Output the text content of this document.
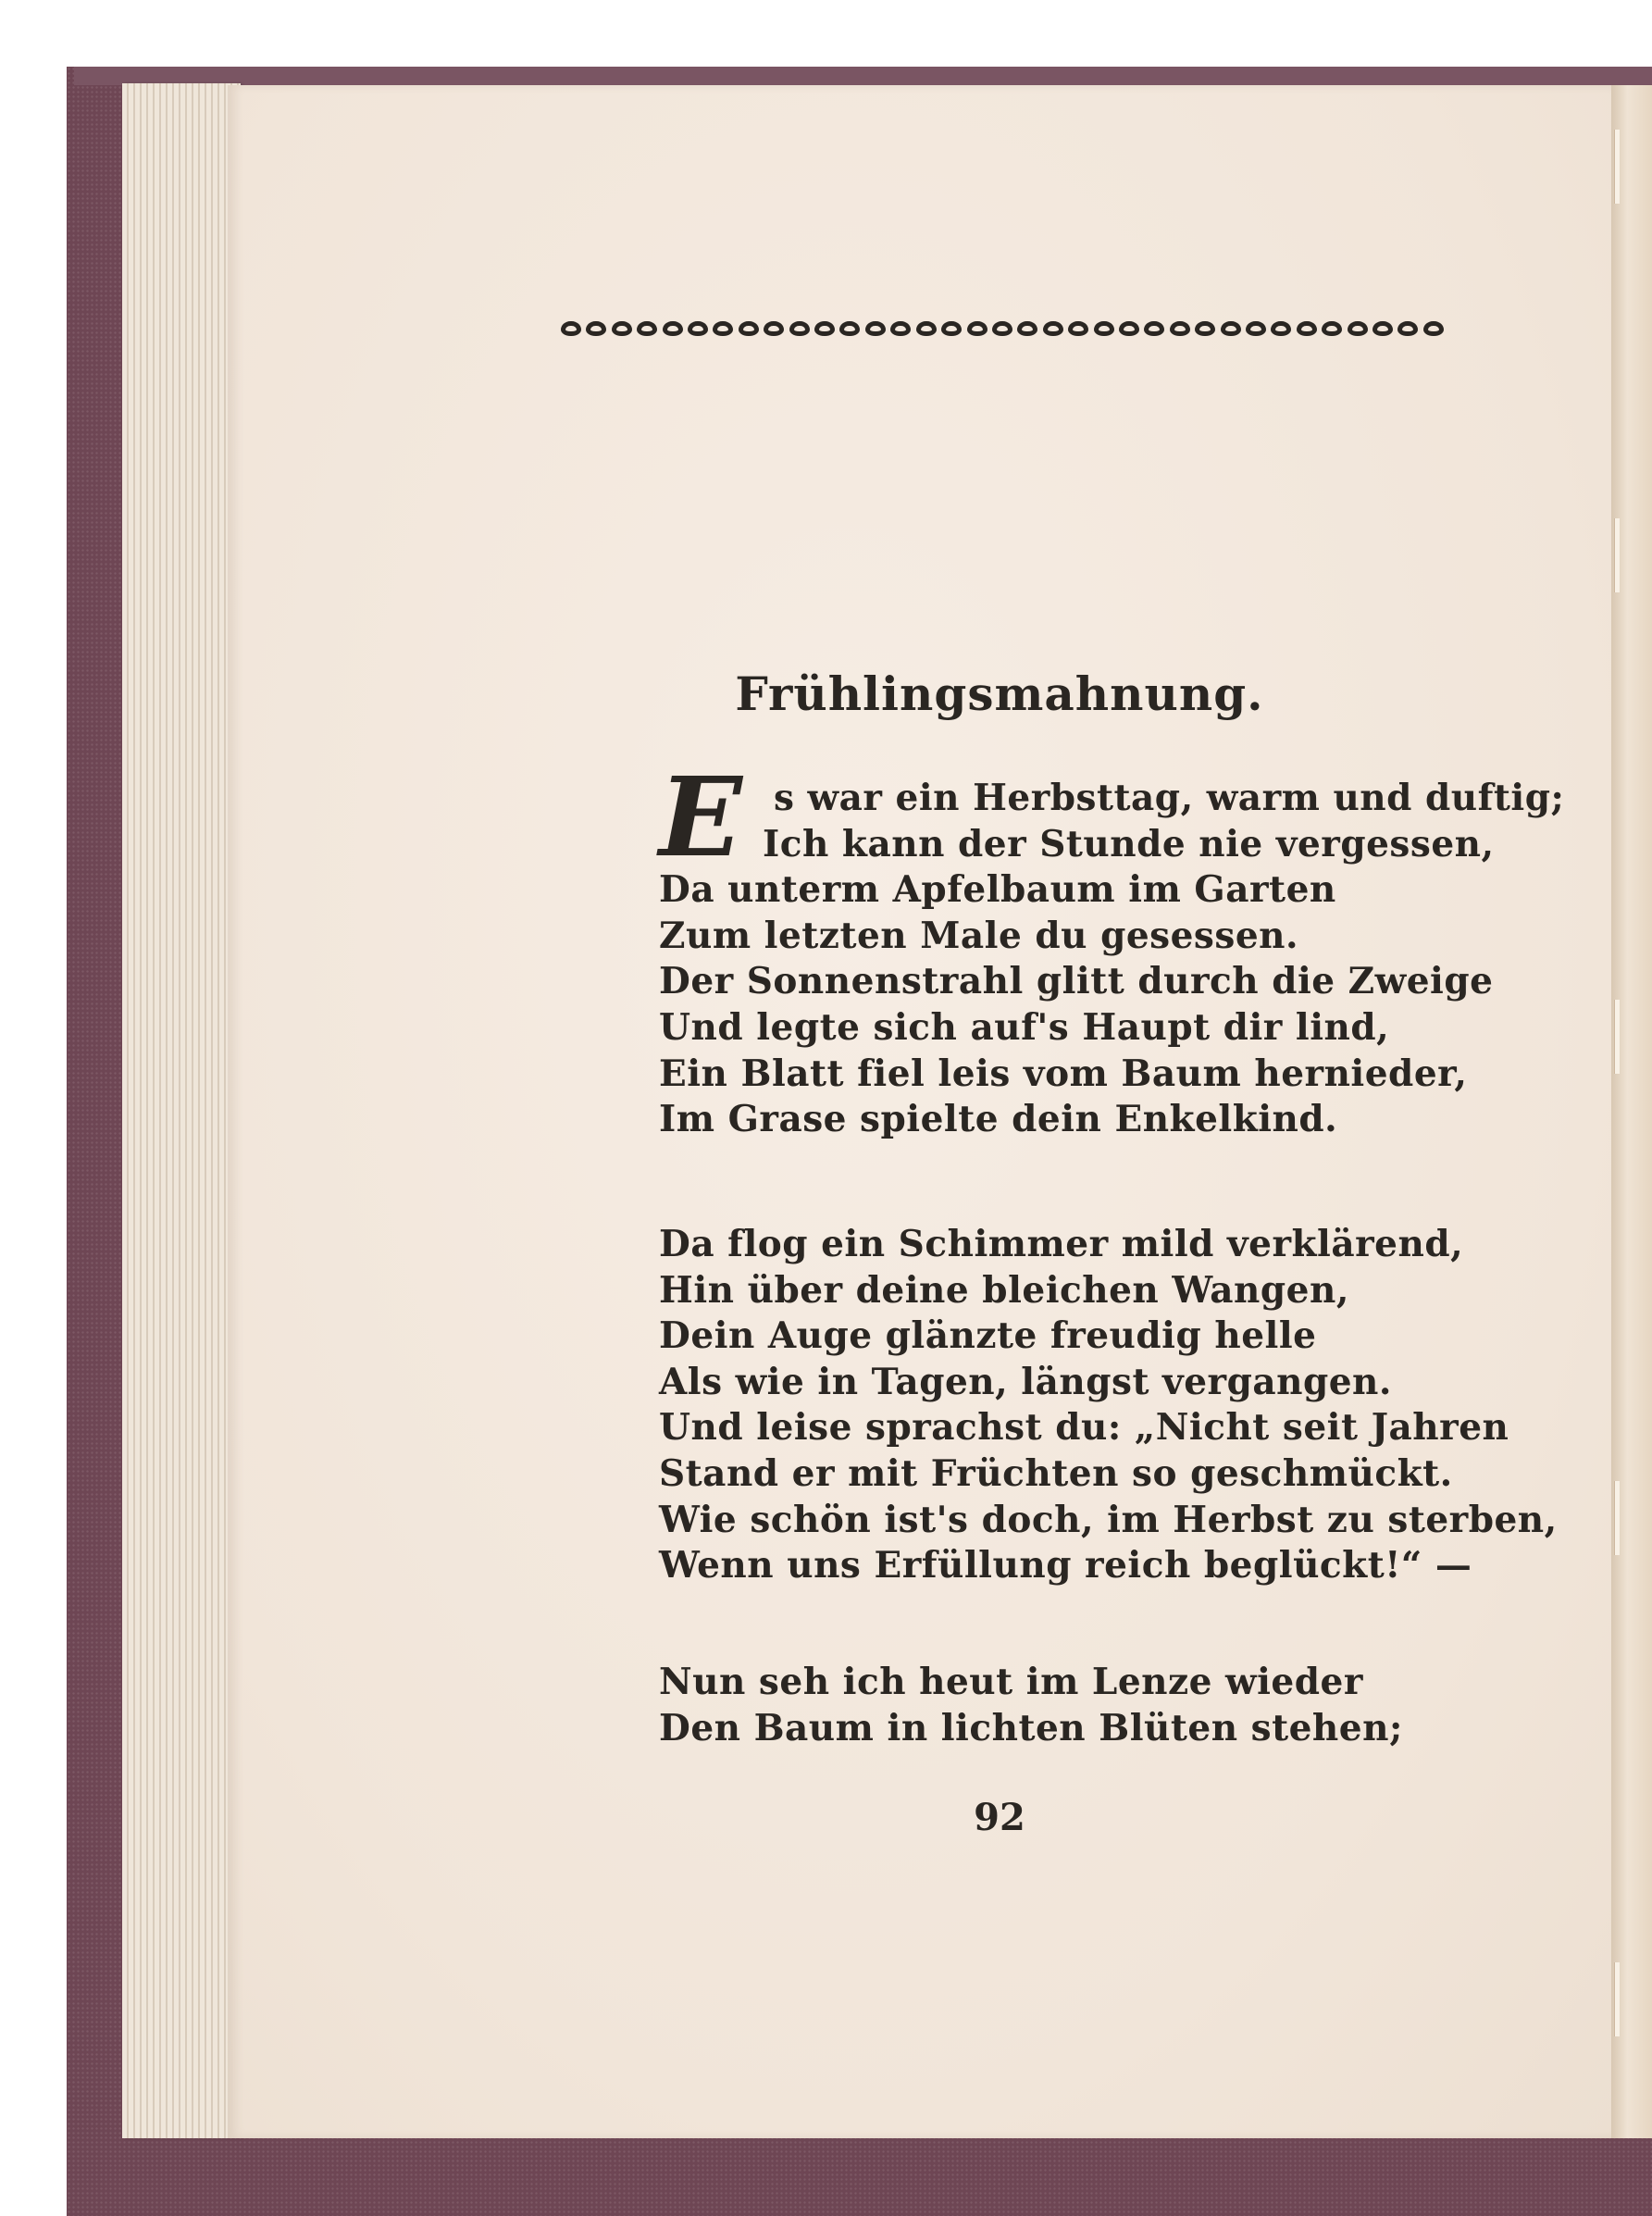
Frühlingsmahnung.
E s war ein Herbsttag, warm und duftig;
Ich kann der Stunde nie vergessen,
Da unterm Apfelbaum im Garten
Zum letzten Male du gesessen.
Der Sonnenstrahl glitt durch die Zweige
Und legte sich auf's Haupt dir lind,
Ein Blatt fiel leis vom Baum hernieder,
Im Grase spielte dein Enkelkind.
Da flog ein Schimmer mild verklärend,
Hin über deine bleichen Wangen,
Dein Auge glänzte freudig helle
Als wie in Tagen, längst vergangen.
Und leise sprachst du: „Nicht seit Jahren
Stand er mit Früchten so geschmückt.
Wie schön ist's doch, im Herbst zu sterben,
Wenn uns Erfüllung reich beglückt!“ —
Nun seh ich heut im Lenze wieder
Den Baum in lichten Blüten stehen;
92
